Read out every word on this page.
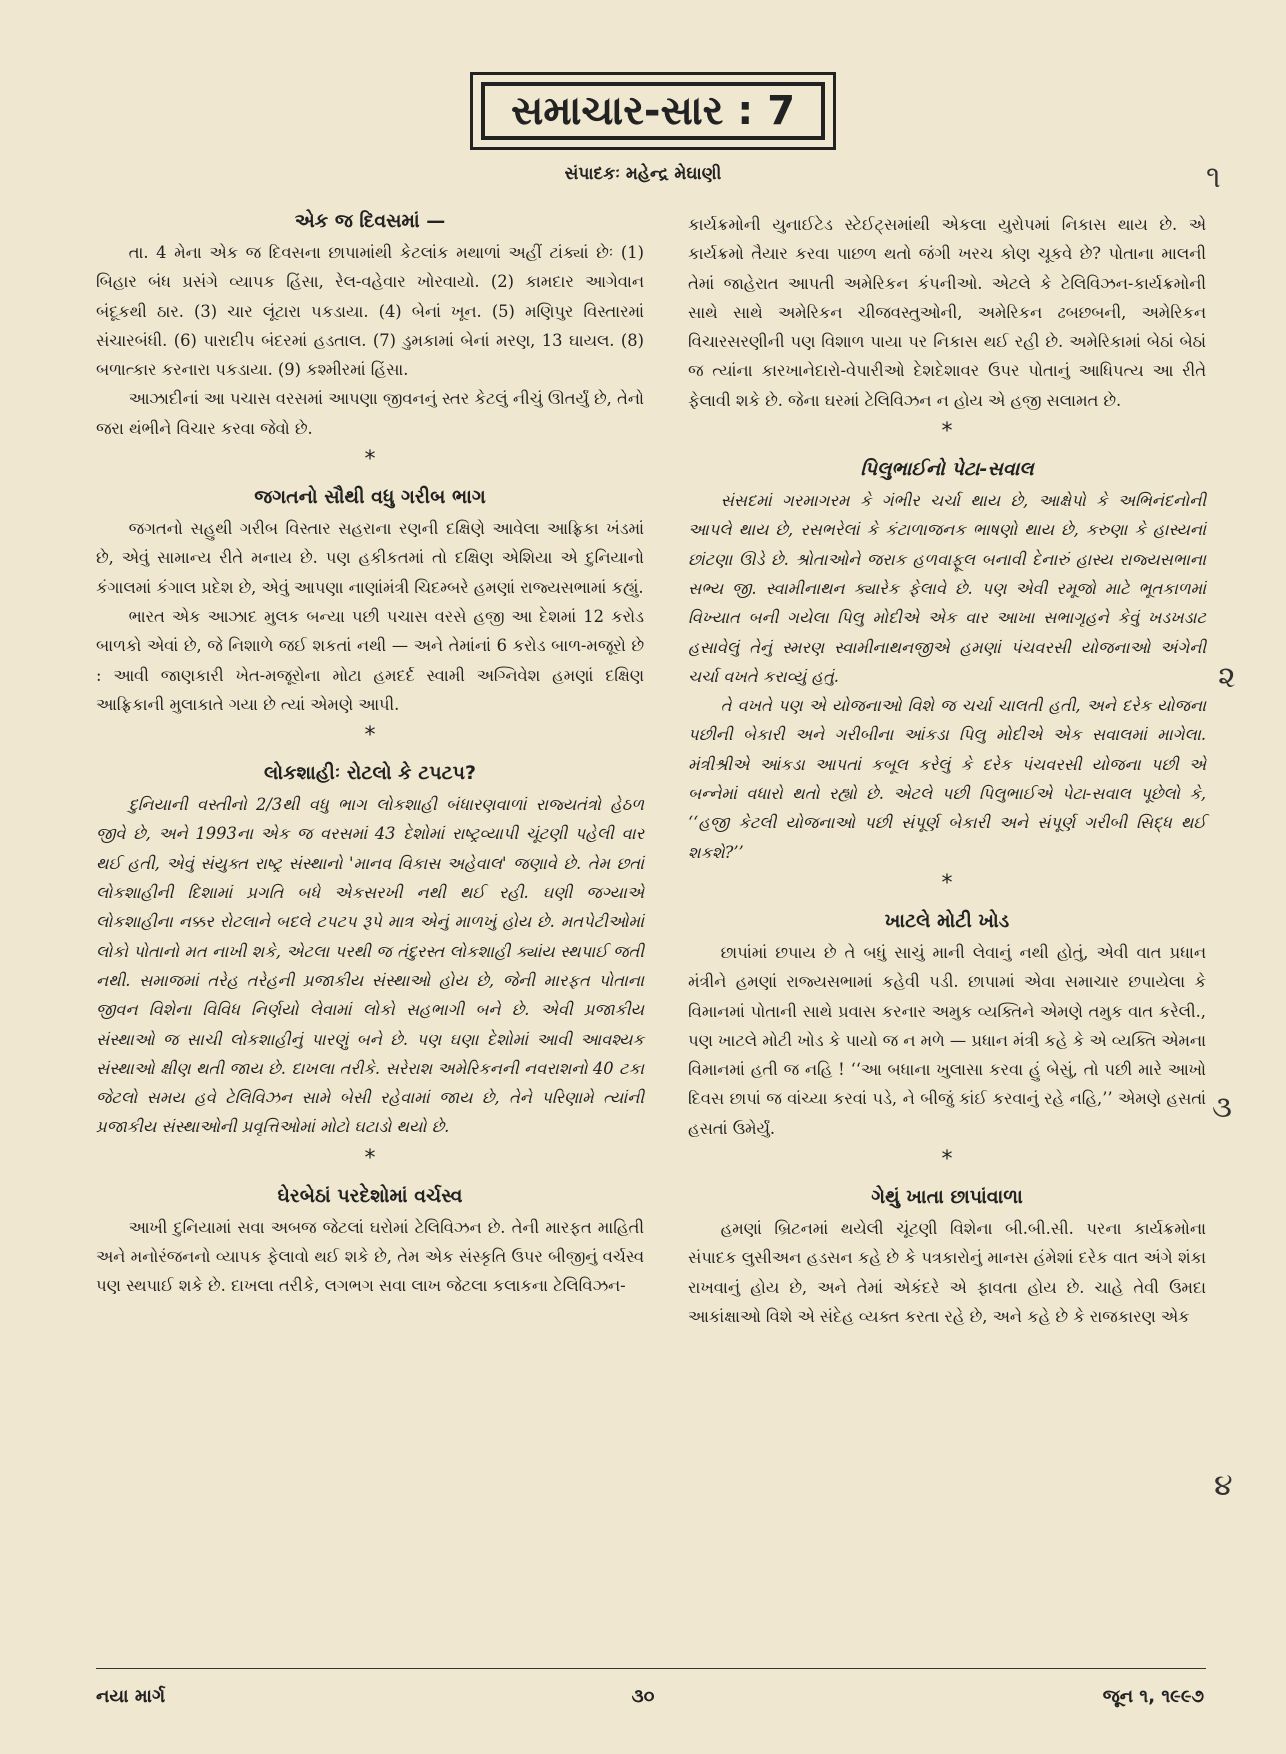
સમાચાર-સાર : 7
સંપાદકઃ મહેન્દ્ર મેઘાણી
એક જ દિવસમાં —

તા. 4 મેના એક જ દિવસના છાપામાંથી કેટલાંક મથાળાં અહીં ટાંક્યાં છેઃ (1) બિહાર બંધ પ્રસંગે વ્યાપક હિંસા, રેલ-વહેવાર ખોરવાયો. (2) કામદાર આગેવાન બંદૂકથી ઠાર. (3) ચાર લૂંટારા પકડાયા. (4) બેનાં ખૂન. (5) મણિપુર વિસ્તારમાં સંચારબંધી. (6) પારાદીપ બંદરમાં હડતાલ. (7) ડુમકામાં બેનાં મરણ, 13 ઘાયલ. (8) બળાત્કાર કરનારા પકડાયા. (9) કશ્મીરમાં હિંસા.

આઝાદીનાં આ પચાસ વરસમાં આપણા જીવનનું સ્તર કેટલું નીચું ઊતર્યું છે, તેનો જરા થંભીને વિચાર કરવા જેવો છે.

*
જગતનો સૌથી વધુ ગરીબ ભાગ

જગતનો સહુથી ગરીબ વિસ્તાર સહરાના રણની દક્ષિણે આવેલા આફ્રિકા ખંડમાં છે, એવું સામાન્ય રીતે મનાય છે. પણ હકીકતમાં તો દક્ષિણ એશિયા એ દુનિયાનો કંગાલમાં કંગાલ પ્રદેશ છે, એવું આપણા નાણાંમંત્રી ચિદમ્બરે હમણાં રાજ્યસભામાં કહ્યું.

ભારત એક આઝાદ મુલક બન્યા પછી પચાસ વરસે હજી આ દેશમાં 12 કરોડ બાળકો એવાં છે, જે નિશાળે જઈ શકતાં નથી — અને તેમાંનાં 6 કરોડ બાળ-મજૂરો છે : આવી જાણકારી ખેત-મજૂરોના મોટા હમદર્દ સ્વામી અગ્નિવેશ હમણાં દક્ષિણ આફ્રિકાની મુલાકાતે ગયા છે ત્યાં એમણે આપી.

*
લોકશાહીઃ રોટલો કે ટપટપ?

દુનિયાની વસ્તીનો 2/3થી વધુ ભાગ લોકશાહી બંધારણવાળાં રાજ્યતંત્રો હેઠળ જીવે છે, અને 1993ના એક જ વરસમાં 43 દેશોમાં રાષ્ટ્રવ્યાપી ચૂંટણી પહેલી વાર થઈ હતી, એવું સંયુક્ત રાષ્ટ્ર સંસ્થાનો 'માનવ વિકાસ અહેવાલ' જણાવે છે. તેમ છતાં લોકશાહીની દિશામાં પ્રગતિ બધે એકસરખી નથી થઈ રહી. ઘણી જગ્યાએ લોકશાહીના નક્કર રોટલાને બદલે ટપટપ રૂપે માત્ર એનું માળખું હોય છે. મતપેટીઓમાં લોકો પોતાનો મત નાખી શકે, એટલા પરથી જ તંદુરસ્ત લોકશાહી ક્યાંય સ્થપાઈ જતી નથી. સમાજમાં તરેહ તરેહની પ્રજાકીય સંસ્થાઓ હોય છે, જેની મારફત પોતાના જીવન વિશેના વિવિધ નિર્ણયો લેવામાં લોકો સહભાગી બને છે. એવી પ્રજાકીય સંસ્થાઓ જ સાચી લોકશાહીનું પારણું બને છે. પણ ઘણા દેશોમાં આવી આવશ્યક સંસ્થાઓ ક્ષીણ થતી જાય છે. દાખલા તરીકે. સરેરાશ અમેરિકનની નવરાશનો 40 ટકા જેટલો સમય હવે ટેલિવિઝન સામે બેસી રહેવામાં જાય છે, તેને પરિણામે ત્યાંની પ્રજાકીય સંસ્થાઓની પ્રવૃત્તિઓમાં મોટો ઘટાડો થયો છે.

*
ઘેરબેઠાં પરદેશોમાં વર્ચસ્વ

આખી દુનિયામાં સવા અબજ જેટલાં ઘરોમાં ટેલિવિઝન છે. તેની મારફત માહિતી અને મનોરંજનનો વ્યાપક ફેલાવો થઈ શકે છે, તેમ એક સંસ્કૃતિ ઉપર બીજીનું વર્ચસ્વ પણ સ્થપાઈ શકે છે. દાખલા તરીકે, લગભગ સવા લાખ જેટલા કલાકના ટેલિવિઝન-

કાર્યક્રમોની યુનાઈટેડ સ્ટેઈટ્સમાંથી એકલા યુરોપમાં નિકાસ થાય છે. એ કાર્યક્રમો તૈયાર કરવા પાછળ થતો જંગી ખરચ કોણ ચૂકવે છે? પોતાના માલની તેમાં જાહેરાત આપતી અમેરિકન કંપનીઓ. એટલે કે ટેલિવિઝન-કાર્યક્રમોની સાથે સાથે અમેરિકન ચીજવસ્તુઓની, અમેરિકન ઢબછબની, અમેરિકન વિચારસરણીની પણ વિશાળ પાયા પર નિકાસ થઈ રહી છે. અમેરિકામાં બેઠાં બેઠાં જ ત્યાંના કારખાનેદારો-વેપારીઓ દેશદેશાવર ઉપર પોતાનું આધિપત્ય આ રીતે ફેલાવી શકે છે. જેના ઘરમાં ટેલિવિઝન ન હોય એ હજી સલામત છે.

*
પિલુભાઈનો પેટા-સવાલ

સંસદમાં ગરમાગરમ કે ગંભીર ચર્ચા થાય છે, આક્ષેપો કે અભિનંદનોની આપલે થાય છે, રસભરેલાં કે કંટાળાજનક ભાષણો થાય છે, કરુણા કે હાસ્યનાં છાંટણા ઊડે છે. શ્રોતાઓને જરાક હળવાફૂલ બનાવી દેનારું હાસ્ય રાજ્યસભાના સભ્ય જી. સ્વામીનાથન ક્યારેક ફેલાવે છે. પણ એવી રમૂજો માટે ભૂતકાળમાં વિખ્યાત બની ગયેલા પિલુ મોદીએ એક વાર આખા સભાગૃહને કેવું ખડખડાટ હસાવેલું તેનું સ્મરણ સ્વામીનાથનજીએ હમણાં પંચવરસી યોજનાઓ અંગેની ચર્ચા વખતે કરાવ્યું હતું.

તે વખતે પણ એ યોજનાઓ વિશે જ ચર્ચા ચાલતી હતી, અને દરેક યોજના પછીની બેકારી અને ગરીબીના આંકડા પિલુ મોદીએ એક સવાલમાં માગેલા. મંત્રીશ્રીએ આંકડા આપતાં કબૂલ કરેલું કે દરેક પંચવરસી યોજના પછી એ બન્નેમાં વધારો થતો રહ્યો છે. એટલે પછી પિલુભાઈએ પેટા-સવાલ પૂછેલો કે, ‘‘હજી કેટલી યોજનાઓ પછી સંપૂર્ણ બેકારી અને સંપૂર્ણ ગરીબી સિદ્ધ થઈ શકશે?’’

*
ખાટલે મોટી ખોડ

છાપાંમાં છપાય છે તે બધું સાચું માની લેવાનું નથી હોતું, એવી વાત પ્રધાન મંત્રીને હમણાં રાજ્યસભામાં કહેવી પડી. છાપામાં એવા સમાચાર છપાયેલા કે વિમાનમાં પોતાની સાથે પ્રવાસ કરનાર અમુક વ્યક્તિને એમણે તમુક વાત કરેલી., પણ ખાટલે મોટી ખોડ કે પાયો જ ન મળે — પ્રધાન મંત્રી કહે કે એ વ્યક્તિ એમના વિમાનમાં હતી જ નહિ ! ‘‘આ બધાના ખુલાસા કરવા હું બેસું, તો પછી મારે આખો દિવસ છાપાં જ વાંચ્યા કરવાં પડે, ને બીજું કાંઈ કરવાનું રહે નહિ,’’ એમણે હસતાં હસતાં ઉમેર્યું.

*
ગેથું ખાતા છાપાંવાળા

હમણાં બ્રિટનમાં થયેલી ચૂંટણી વિશેના બી.બી.સી. પરના કાર્યક્રમોના સંપાદક લુસીઅન હડસન કહે છે કે પત્રકારોનું માનસ હંમેશાં દરેક વાત અંગે શંકા રાખવાનું હોય છે, અને તેમાં એકંદરે એ ફાવતા હોય છે. ચાહે તેવી ઉમદા આકાંક્ષાઓ વિશે એ સંદેહ વ્યક્ત કરતા રહે છે, અને કહે છે કે રાજકારણ એક

૧
૨
૩
૪
નયા માર્ગ	૩૦	જૂન ૧, ૧૯૯૭
